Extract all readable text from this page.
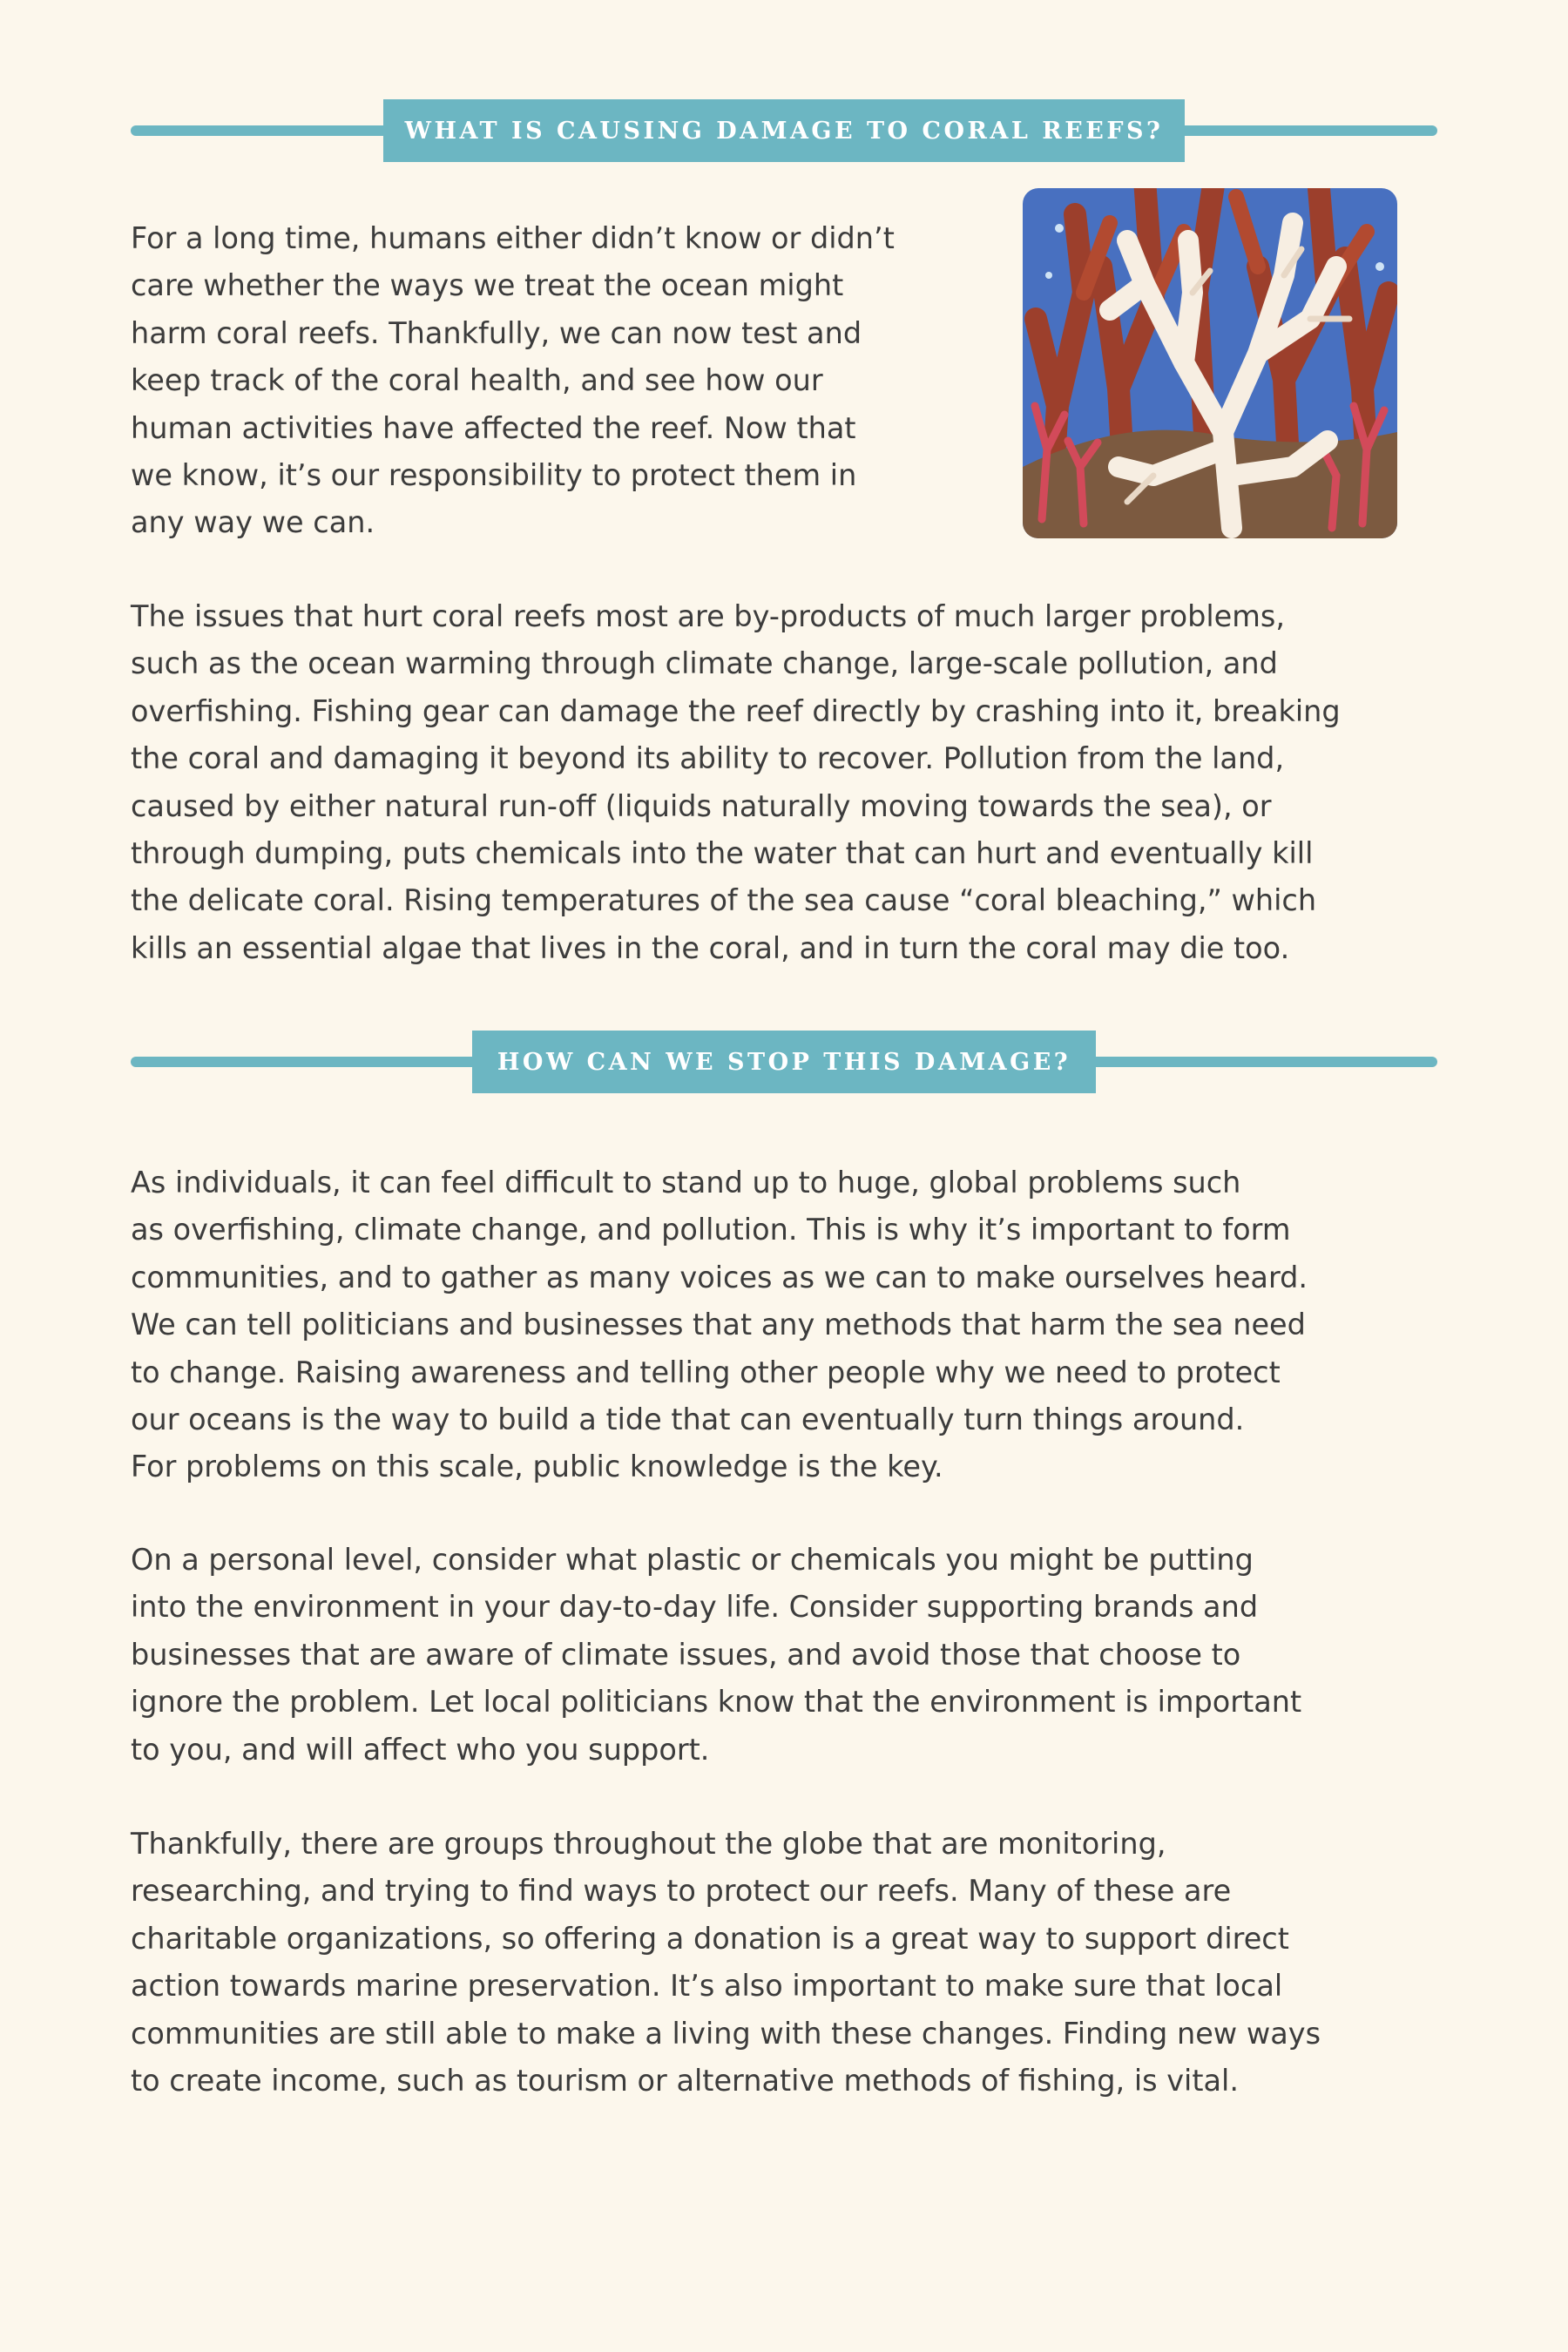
WHAT IS CAUSING DAMAGE TO CORAL REEFS?

For a long time, humans either didn’t know or didn’t
care whether the ways we treat the ocean might
harm coral reefs. Thankfully, we can now test and
keep track of the coral health, and see how our
human activities have affected the reef. Now that
we know, it’s our responsibility to protect them in
any way we can.

The issues that hurt coral reefs most are by-products of much larger problems,
such as the ocean warming through climate change, large-scale pollution, and
overfishing. Fishing gear can damage the reef directly by crashing into it, breaking
the coral and damaging it beyond its ability to recover. Pollution from the land,
caused by either natural run-off (liquids naturally moving towards the sea), or
through dumping, puts chemicals into the water that can hurt and eventually kill
the delicate coral. Rising temperatures of the sea cause “coral bleaching,” which
kills an essential algae that lives in the coral, and in turn the coral may die too.

HOW CAN WE STOP THIS DAMAGE?

As individuals, it can feel difficult to stand up to huge, global problems such
as overfishing, climate change, and pollution. This is why it’s important to form
communities, and to gather as many voices as we can to make ourselves heard.
We can tell politicians and businesses that any methods that harm the sea need
to change. Raising awareness and telling other people why we need to protect
our oceans is the way to build a tide that can eventually turn things around.
For problems on this scale, public knowledge is the key.

On a personal level, consider what plastic or chemicals you might be putting
into the environment in your day-to-day life. Consider supporting brands and
businesses that are aware of climate issues, and avoid those that choose to
ignore the problem. Let local politicians know that the environment is important
to you, and will affect who you support.

Thankfully, there are groups throughout the globe that are monitoring,
researching, and trying to find ways to protect our reefs. Many of these are
charitable organizations, so offering a donation is a great way to support direct
action towards marine preservation. It’s also important to make sure that local
communities are still able to make a living with these changes. Finding new ways
to create income, such as tourism or alternative methods of fishing, is vital.
